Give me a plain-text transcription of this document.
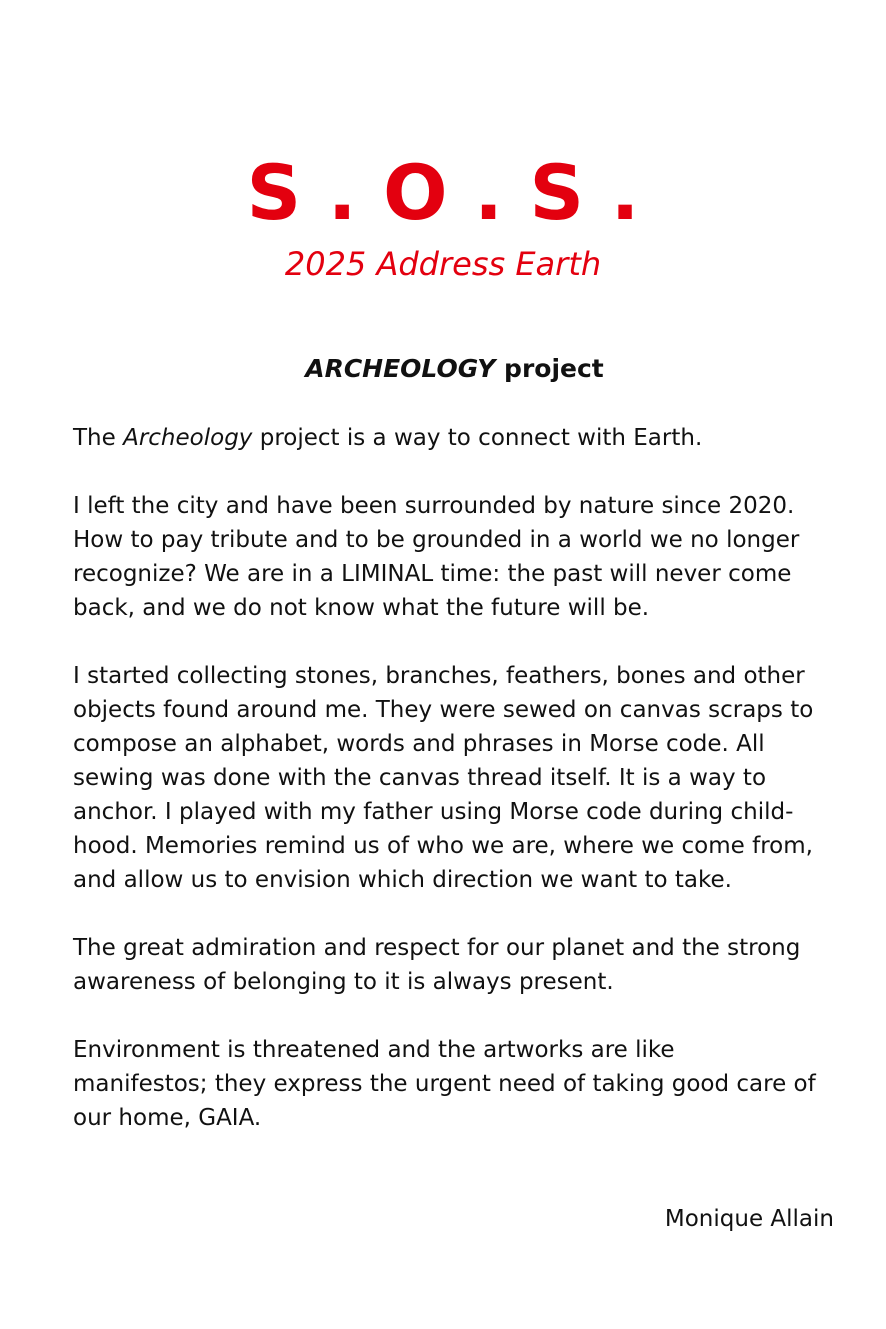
S . O . S .
2025 Address Earth
ARCHEOLOGY project

The Archeology project is a way to connect with Earth.

I left the city and have been surrounded by nature since 2020.
How to pay tribute and to be grounded in a world we no longer
recognize? We are in a LIMINAL time: the past will never come
back, and we do not know what the future will be.

I started collecting stones, branches, feathers, bones and other
objects found around me. They were sewed on canvas scraps to
compose an alphabet, words and phrases in Morse code. All
sewing was done with the canvas thread itself. It is a way to
anchor. I played with my father using Morse code during child-
hood. Memories remind us of who we are, where we come from,
and allow us to envision which direction we want to take.

The great admiration and respect for our planet and the strong
awareness of belonging to it is always present.

Environment is threatened and the artworks are like
manifestos; they express the urgent need of taking good care of
our home, GAIA.

Monique Allain
